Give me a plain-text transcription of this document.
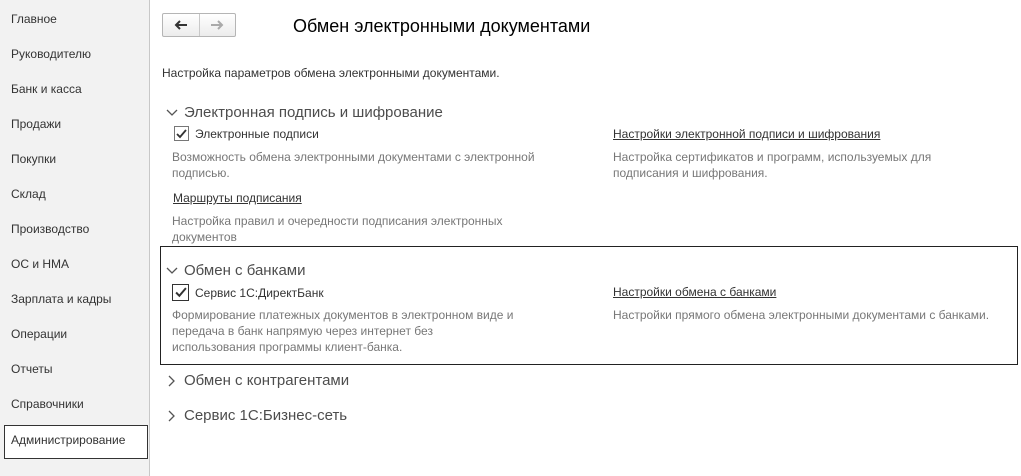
Главное
Руководителю
Банк и касса
Продажи
Покупки
Склад
Производство
ОС и НМА
Зарплата и кадры
Операции
Отчеты
Справочники
Администрирование
Обмен электронными документами
Настройка параметров обмена электронными документами.
Электронная подпись и шифрование
Электронные подписи
Возможность обмена электронными документами с электронной
подписью.
Настройки электронной подписи и шифрования
Настройка сертификатов и программ, используемых для
подписания и шифрования.
Маршруты подписания
Настройка правил и очередности подписания электронных
документов
Обмен с банками
Сервис 1С:ДиректБанк
Формирование платежных документов в электронном виде и
передача в банк напрямую через интернет без
использования программы клиент-банка.
Настройки обмена с банками
Настройки прямого обмена электронными документами с банками.
Обмен с контрагентами
Сервис 1С:Бизнес-сеть
